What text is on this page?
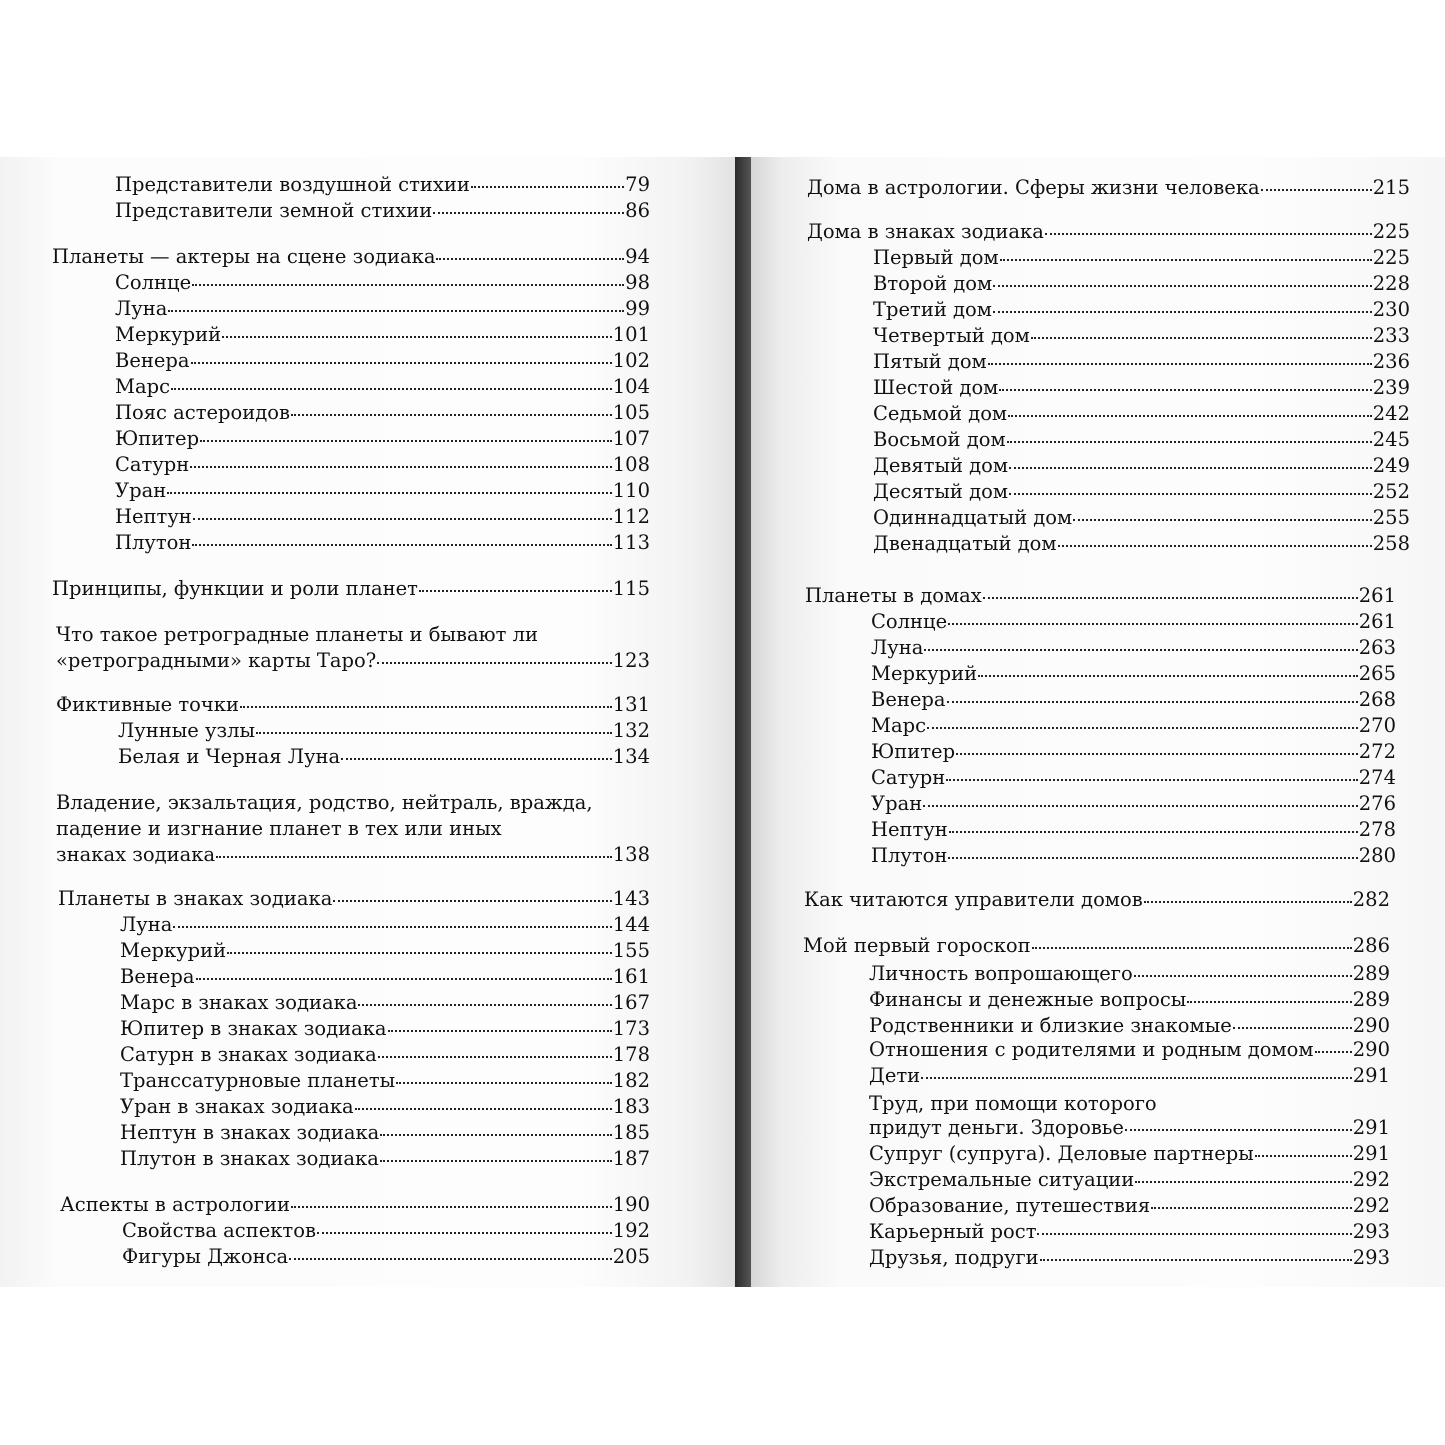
Представители воздушной стихии	79
Представители земной стихии	86
Планеты — актеры на сцене зодиака	94
Солнце	98
Луна	99
Меркурий	101
Венера	102
Марс	104
Пояс астероидов	105
Юпитер	107
Сатурн	108
Уран	110
Нептун	112
Плутон	113
Принципы, функции и роли планет	115
Что такое ретроградные планеты и бывают ли
«ретроградными» карты Таро?	123
Фиктивные точки	131
Лунные узлы	132
Белая и Черная Луна	134
Владение, экзальтация, родство, нейтраль, вражда,
падение и изгнание планет в тех или иных
знаках зодиака	138
Планеты в знаках зодиака	143
Луна	144
Меркурий	155
Венера	161
Марс в знаках зодиака	167
Юпитер в знаках зодиака	173
Сатурн в знаках зодиака	178
Транссатурновые планеты	182
Уран в знаках зодиака	183
Нептун в знаках зодиака	185
Плутон в знаках зодиака	187
Аспекты в астрологии	190
Свойства аспектов	192
Фигуры Джонса	205
Дома в астрологии. Сферы жизни человека	215
Дома в знаках зодиака	225
Первый дом	225
Второй дом	228
Третий дом	230
Четвертый дом	233
Пятый дом	236
Шестой дом	239
Седьмой дом	242
Восьмой дом	245
Девятый дом	249
Десятый дом	252
Одиннадцатый дом	255
Двенадцатый дом	258
Планеты в домах	261
Солнце	261
Луна	263
Меркурий	265
Венера	268
Марс	270
Юпитер	272
Сатурн	274
Уран	276
Нептун	278
Плутон	280
Как читаются управители домов	282
Мой первый гороскоп	286
Личность вопрошающего	289
Финансы и денежные вопросы	289
Родственники и близкие знакомые	290
Отношения с родителями и родным домом 290
Дети	291
Труд, при помощи которого
придут деньги. Здоровье	291
Супруг (супруга). Деловые партнеры	291
Экстремальные ситуации	292
Образование, путешествия	292
Карьерный рост	293
Друзья, подруги	293
